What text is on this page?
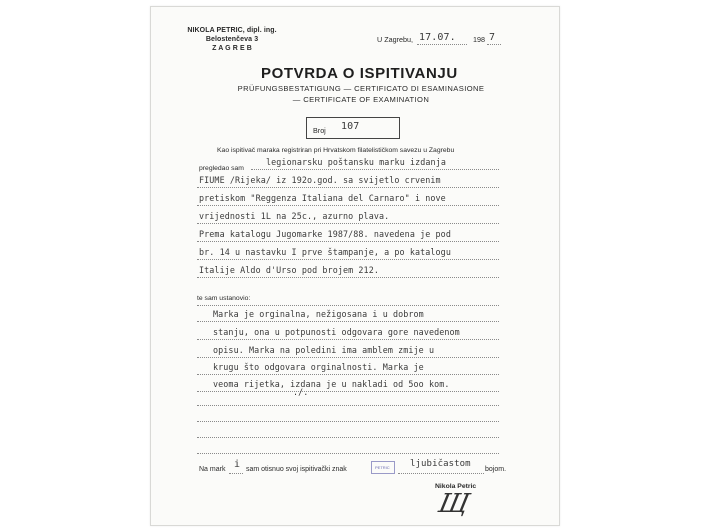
NIKOLA PETRIC, dipl. ing.
Belostenčeva 3
Z A G R E B
U Zagrebu, 17.07. 198 7
POTVRDA O ISPITIVANJU
PRÜFUNGSBESTATIGUNG — CERTIFICATO DI ESAMINASIONE
— CERTIFICATE OF EXAMINATION
Broj 107
Kao ispitivač maraka registriran pri Hrvatskom filatelističkom savezu u Zagrebu
pregledao sam
legionarsku poštansku marku izdanja
FIUME /Rijeka/ iz 192o.god. sa svijetlo crvenim
pretiskom "Reggenza Italiana del Carnaro" i nove
vrijednosti 1L na 25c., azurno plava.
Prema katalogu Jugomarke 1987/88. navedena je pod
br. 14 u nastavku I prve štampanje, a po katalogu
Italije Aldo d'Urso pod brojem 212.
te sam ustanovio:
Marka je orginalna, nežigosana i u dobrom
stanju, ona u potpunosti odgovara gore navedenom
opisu. Marka na poledini ima amblem zmije u
krugu što odgovara orginalnosti. Marka je
veoma rijetka, izdana je u nakladi od 5oo kom.
./.
Na mark i sam otisnuo svoj ispitivački znak	PETRIC ljubičastom
bojom.
Nikola Petric
Щ
